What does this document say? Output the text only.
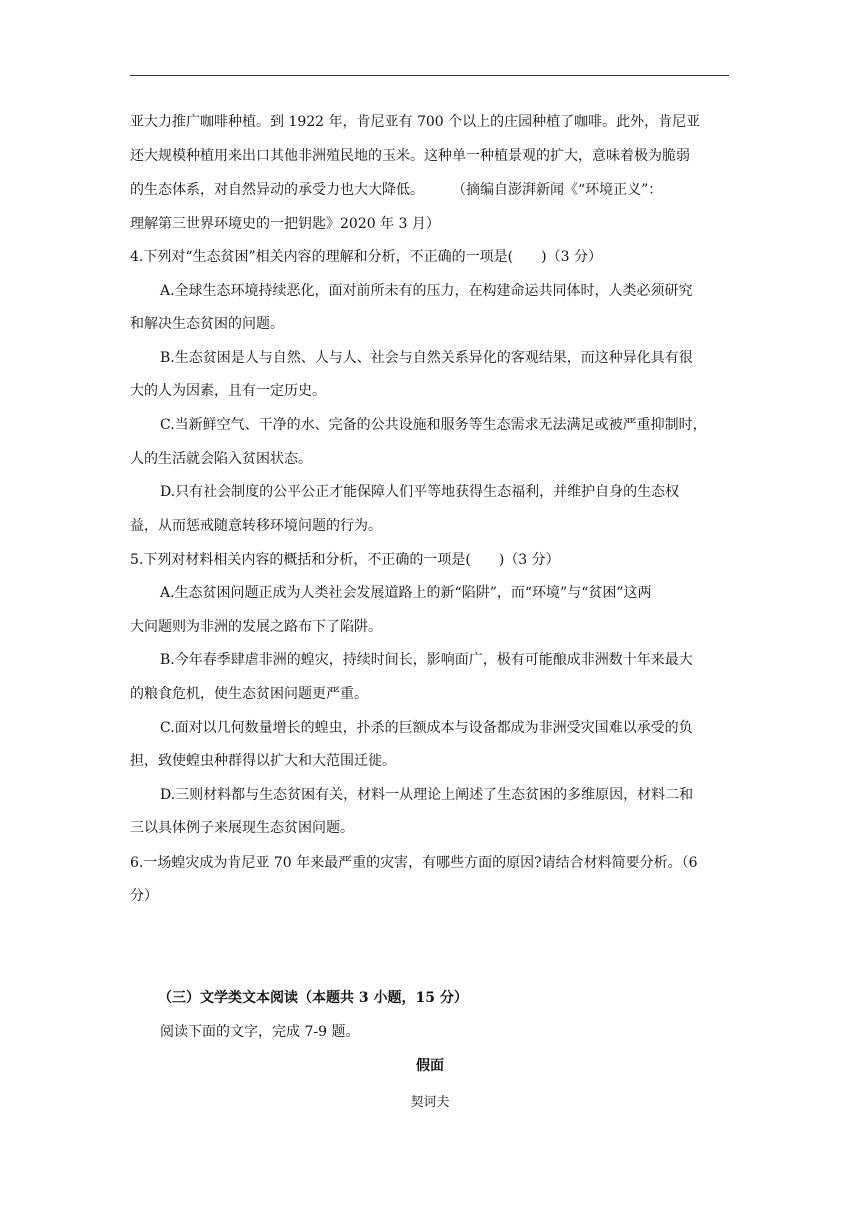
亚大力推广咖啡种植。到 1922 年，肯尼亚有 700 个以上的庄园种植了咖啡。此外，肯尼亚
还大规模种植用来出口其他非洲殖民地的玉米。这种单一种植景观的扩大，意味着极为脆弱
的生态体系，对自然异动的承受力也大大降低。　　　（摘编自澎湃新闻《“环境正义”：
理解第三世界环境史的一把钥匙》2020 年 3 月）
4.下列对“生态贫困”相关内容的理解和分析，不正确的一项是(　　)（3 分）
A.全球生态环境持续恶化，面对前所未有的压力，在构建命运共同体时，人类必须研究
和解决生态贫困的问题。
B.生态贫困是人与自然、人与人、社会与自然关系异化的客观结果，而这种异化具有很
大的人为因素，且有一定历史。
C.当新鲜空气、干净的水、完备的公共设施和服务等生态需求无法满足或被严重抑制时，
人的生活就会陷入贫困状态。
D.只有社会制度的公平公正才能保障人们平等地获得生态福利，并维护自身的生态权
益，从而惩戒随意转移环境问题的行为。
5.下列对材料相关内容的概括和分析，不正确的一项是(　　)（3 分）
A.生态贫困问题正成为人类社会发展道路上的新“陷阱”，而“环境”与“贫困”这两
大问题则为非洲的发展之路布下了陷阱。
B.今年春季肆虐非洲的蝗灾，持续时间长，影响面广，极有可能酿成非洲数十年来最大
的粮食危机，使生态贫困问题更严重。
C.面对以几何数量增长的蝗虫，扑杀的巨额成本与设备都成为非洲受灾国难以承受的负
担，致使蝗虫种群得以扩大和大范围迁徙。
D.三则材料都与生态贫困有关，材料一从理论上阐述了生态贫困的多维原因，材料二和
三以具体例子来展现生态贫困问题。
6.一场蝗灾成为肯尼亚 70 年来最严重的灾害，有哪些方面的原因?请结合材料简要分析。（6
分）
（三）文学类文本阅读（本题共 3 小题，15 分）
阅读下面的文字，完成 7-9 题。
假面
契诃夫
